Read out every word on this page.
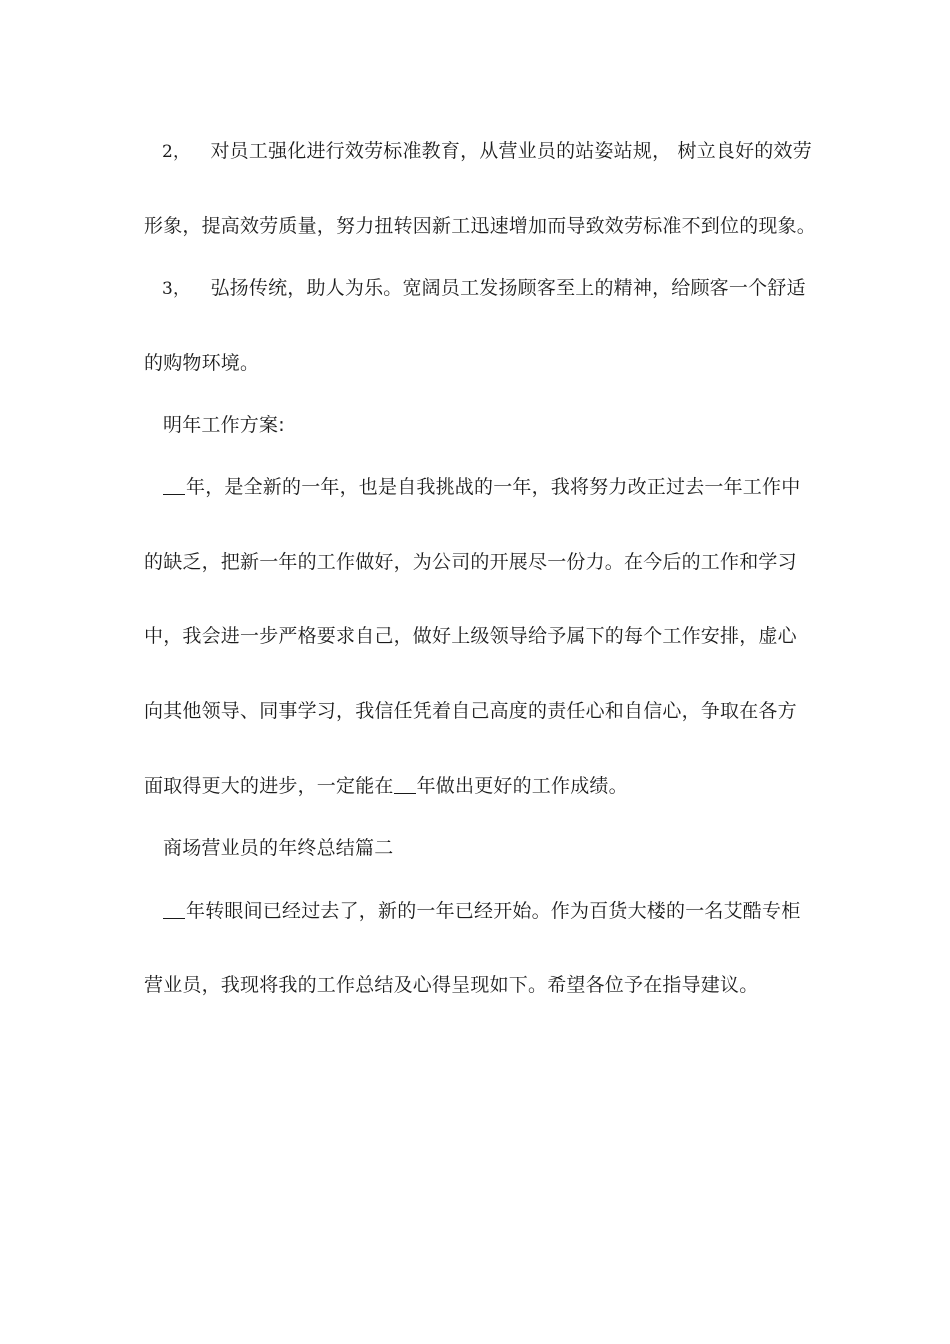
2， 对员工强化进行效劳标准教育，从营业员的站姿站规， 树立良好的效劳
形象，提高效劳质量，努力扭转因新工迅速增加而导致效劳标准不到位的现象。
3， 弘扬传统，助人为乐。宽阔员工发扬顾客至上的精神，给顾客一个舒适
的购物环境。
明年工作方案:
年，是全新的一年，也是自我挑战的一年，我将努力改正过去一年工作中
的缺乏，把新一年的工作做好，为公司的开展尽一份力。在今后的工作和学习
中，我会进一步严格要求自己，做好上级领导给予属下的每个工作安排，虚心
向其他领导、同事学习，我信任凭着自己高度的责任心和自信心，争取在各方
面取得更大的进步，一定能在 年做出更好的工作成绩。
商场营业员的年终总结篇二
年转眼间已经过去了，新的一年已经开始。作为百货大楼的一名艾酷专柜
营业员，我现将我的工作总结及心得呈现如下。希望各位予在指导建议。
